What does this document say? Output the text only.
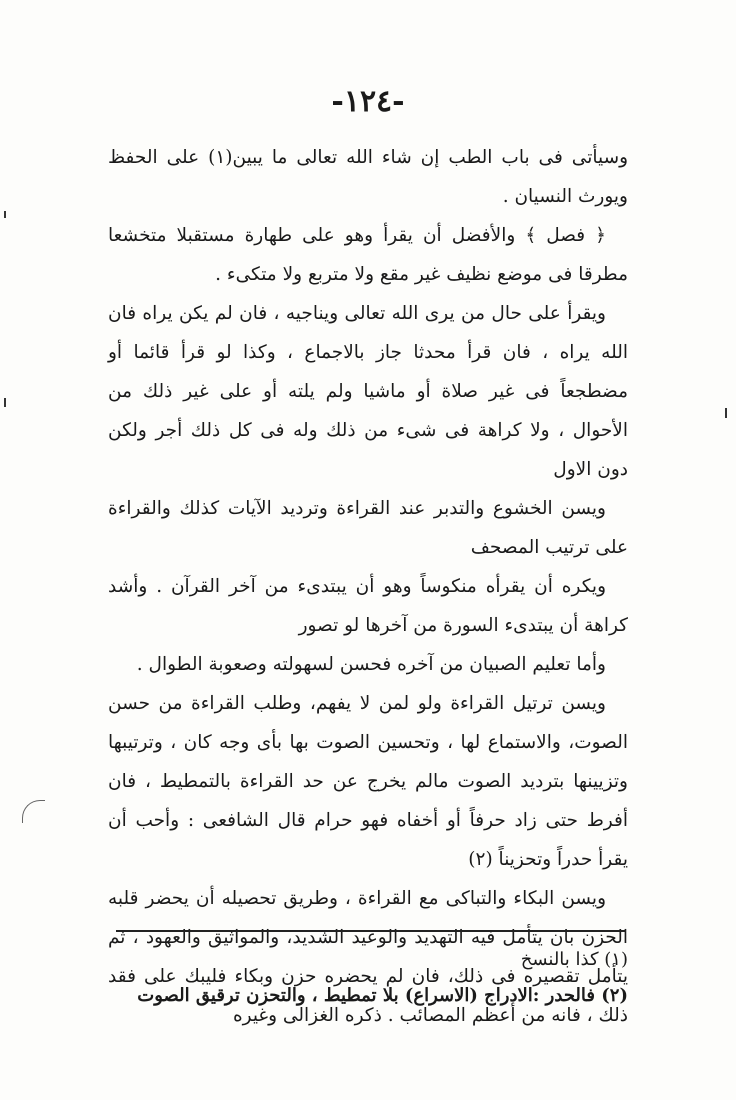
-١٢٤-

وسيأتى فى باب الطب إن شاء الله تعالى ما يبين(١) على الحفظ ويورث النسيان .

﴿ فصل ﴾ والأفضل أن يقرأ وهو على طهارة مستقبلا متخشعا مطرقا فى موضع نظيف غير مقع ولا متربع ولا متكىء .

ويقرأ على حال من يرى الله تعالى ويناجيه ، فان لم يكن يراه فان الله يراه ، فان قرأ محدثا جاز بالاجماع ، وكذا لو قرأ قائما أو مضطجعاً فى غير صلاة أو ماشيا ولم يلته أو على غير ذلك من الأحوال ، ولا كراهة فى شىء من ذلك وله فى كل ذلك أجر ولكن دون الاول

ويسن الخشوع والتدبر عند القراءة وترديد الآيات كذلك والقراءة على ترتيب المصحف

ويكره أن يقرأه منكوساً وهو أن يبتدىء من آخر القرآن . وأشد كراهة أن يبتدىء السورة من آخرها لو تصور

وأما تعليم الصبيان من آخره فحسن لسهولته وصعوبة الطوال .

ويسن ترتيل القراءة ولو لمن لا يفهم، وطلب القراءة من حسن الصوت، والاستماع لها ، وتحسين الصوت بها بأى وجه كان ، وترتيبها وتزيينها بترديد الصوت مالم يخرج عن حد القراءة بالتمطيط ، فان أفرط حتى زاد حرفاً أو أخفاه فهو حرام قال الشافعى : وأحب أن يقرأ حدراً وتحزيناً (٢)

ويسن البكاء والتباكى مع القراءة ، وطريق تحصيله أن يحضر قلبه الحزن بان يتأمل فيه التهديد والوعيد الشديد، والمواثيق والعهود ، ثم يتأمل تقصيره فى ذلك، فان لم يحضره حزن وبكاء فليبك على فقد ذلك ، فانه من أعظم المصائب . ذكره الغزالى وغيره

(١) كذا بالنسخ

(٢) فالحدر :الادراج (الاسراع) بلا تمطيط ، والتحزن ترقيق الصوت
